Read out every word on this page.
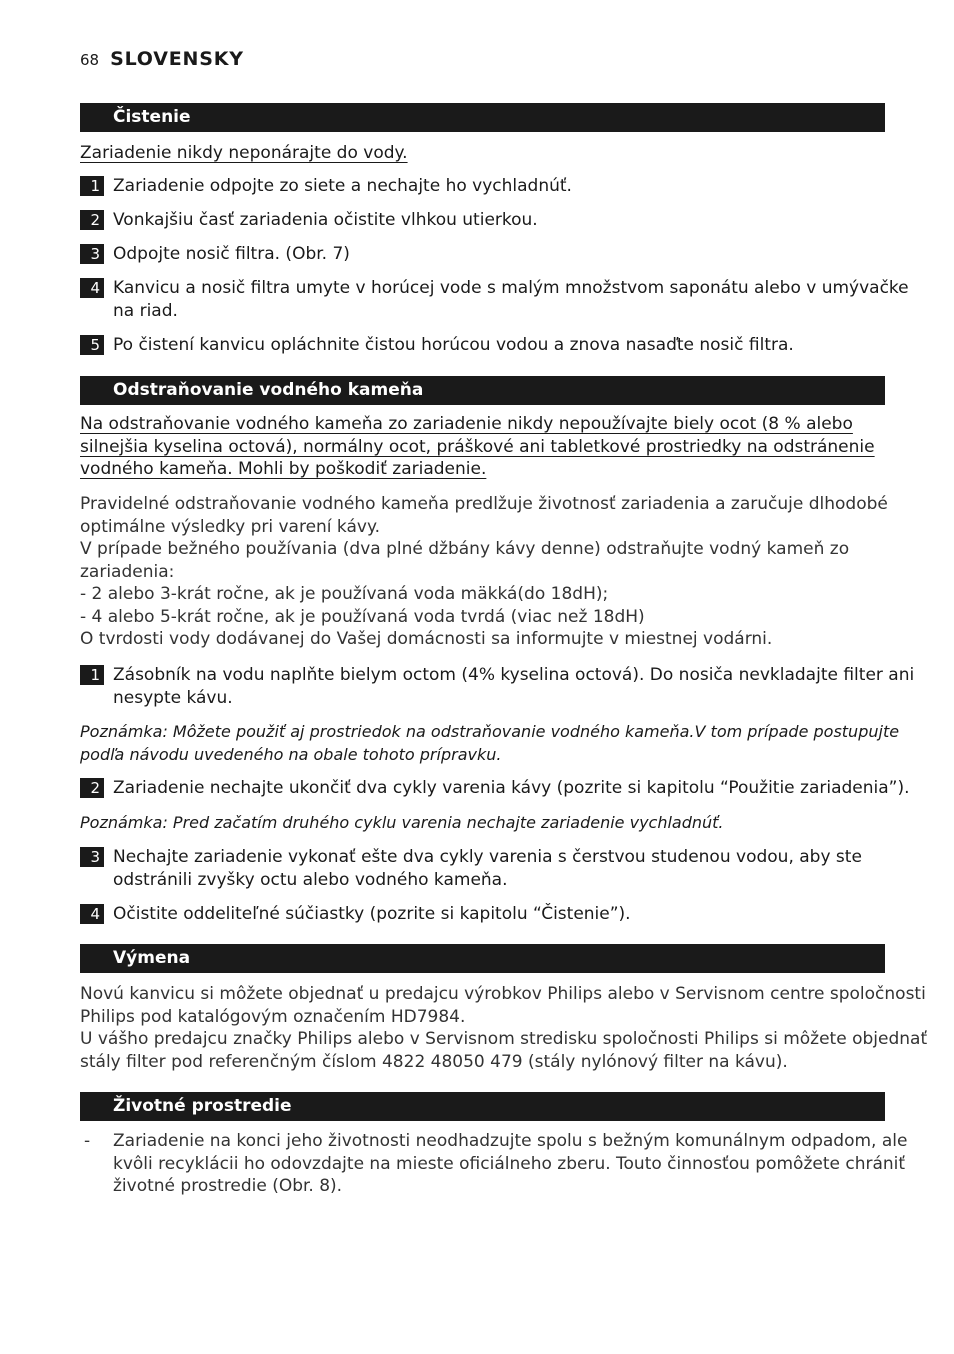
68 SLOVENSKY
Čistenie
Zariadenie nikdy neponárajte do vody.
1 Zariadenie odpojte zo siete a nechajte ho vychladnúť.
2 Vonkajšiu časť zariadenia očistite vlhkou utierkou.
3 Odpojte nosič filtra. (Obr. 7)
4 Kanvicu a nosič filtra umyte v horúcej vode s malým množstvom saponátu alebo v umývačke
na riad.
5 Po čistení kanvicu opláchnite čistou horúcou vodou a znova nasaďte nosič filtra.
Odstraňovanie vodného kameňa
Na odstraňovanie vodného kameňa zo zariadenie nikdy nepoužívajte biely ocot (8 % alebo
silnejšia kyselina octová), normálny ocot, práškové ani tabletkové prostriedky na odstránenie
vodného kameňa. Mohli by poškodiť zariadenie.
Pravidelné odstraňovanie vodného kameňa predlžuje životnosť zariadenia a zaručuje dlhodobé
optimálne výsledky pri varení kávy.
V prípade bežného používania (dva plné džbány kávy denne) odstraňujte vodný kameň zo
zariadenia:
- 2 alebo 3-krát ročne, ak je používaná voda mäkká(do 18dH);
- 4 alebo 5-krát ročne, ak je používaná voda tvrdá (viac než 18dH)
O tvrdosti vody dodávanej do Vašej domácnosti sa informujte v miestnej vodárni.
1 Zásobník na vodu naplňte bielym octom (4% kyselina octová). Do nosiča nevkladajte filter ani
nesypte kávu.
Poznámka: Môžete použiť aj prostriedok na odstraňovanie vodného kameňa.V tom prípade postupujte
podľa návodu uvedeného na obale tohoto prípravku.
2 Zariadenie nechajte ukončiť dva cykly varenia kávy (pozrite si kapitolu “Použitie zariadenia”).
Poznámka: Pred začatím druhého cyklu varenia nechajte zariadenie vychladnúť.
3 Nechajte zariadenie vykonať ešte dva cykly varenia s čerstvou studenou vodou, aby ste
odstránili zvyšky octu alebo vodného kameňa.
4 Očistite oddeliteľné súčiastky (pozrite si kapitolu “Čistenie”).
Výmena
Novú kanvicu si môžete objednať u predajcu výrobkov Philips alebo v Servisnom centre spoločnosti
Philips pod katalógovým označením HD7984.
U vášho predajcu značky Philips alebo v Servisnom stredisku spoločnosti Philips si môžete objednať
stály filter pod referenčným číslom 4822 48050 479 (stály nylónový filter na kávu).
Životné prostredie
-	Zariadenie na konci jeho životnosti neodhadzujte spolu s bežným komunálnym odpadom, ale
kvôli recyklácii ho odovzdajte na mieste oficiálneho zberu. Touto činnosťou pomôžete chrániť
životné prostredie (Obr. 8).
